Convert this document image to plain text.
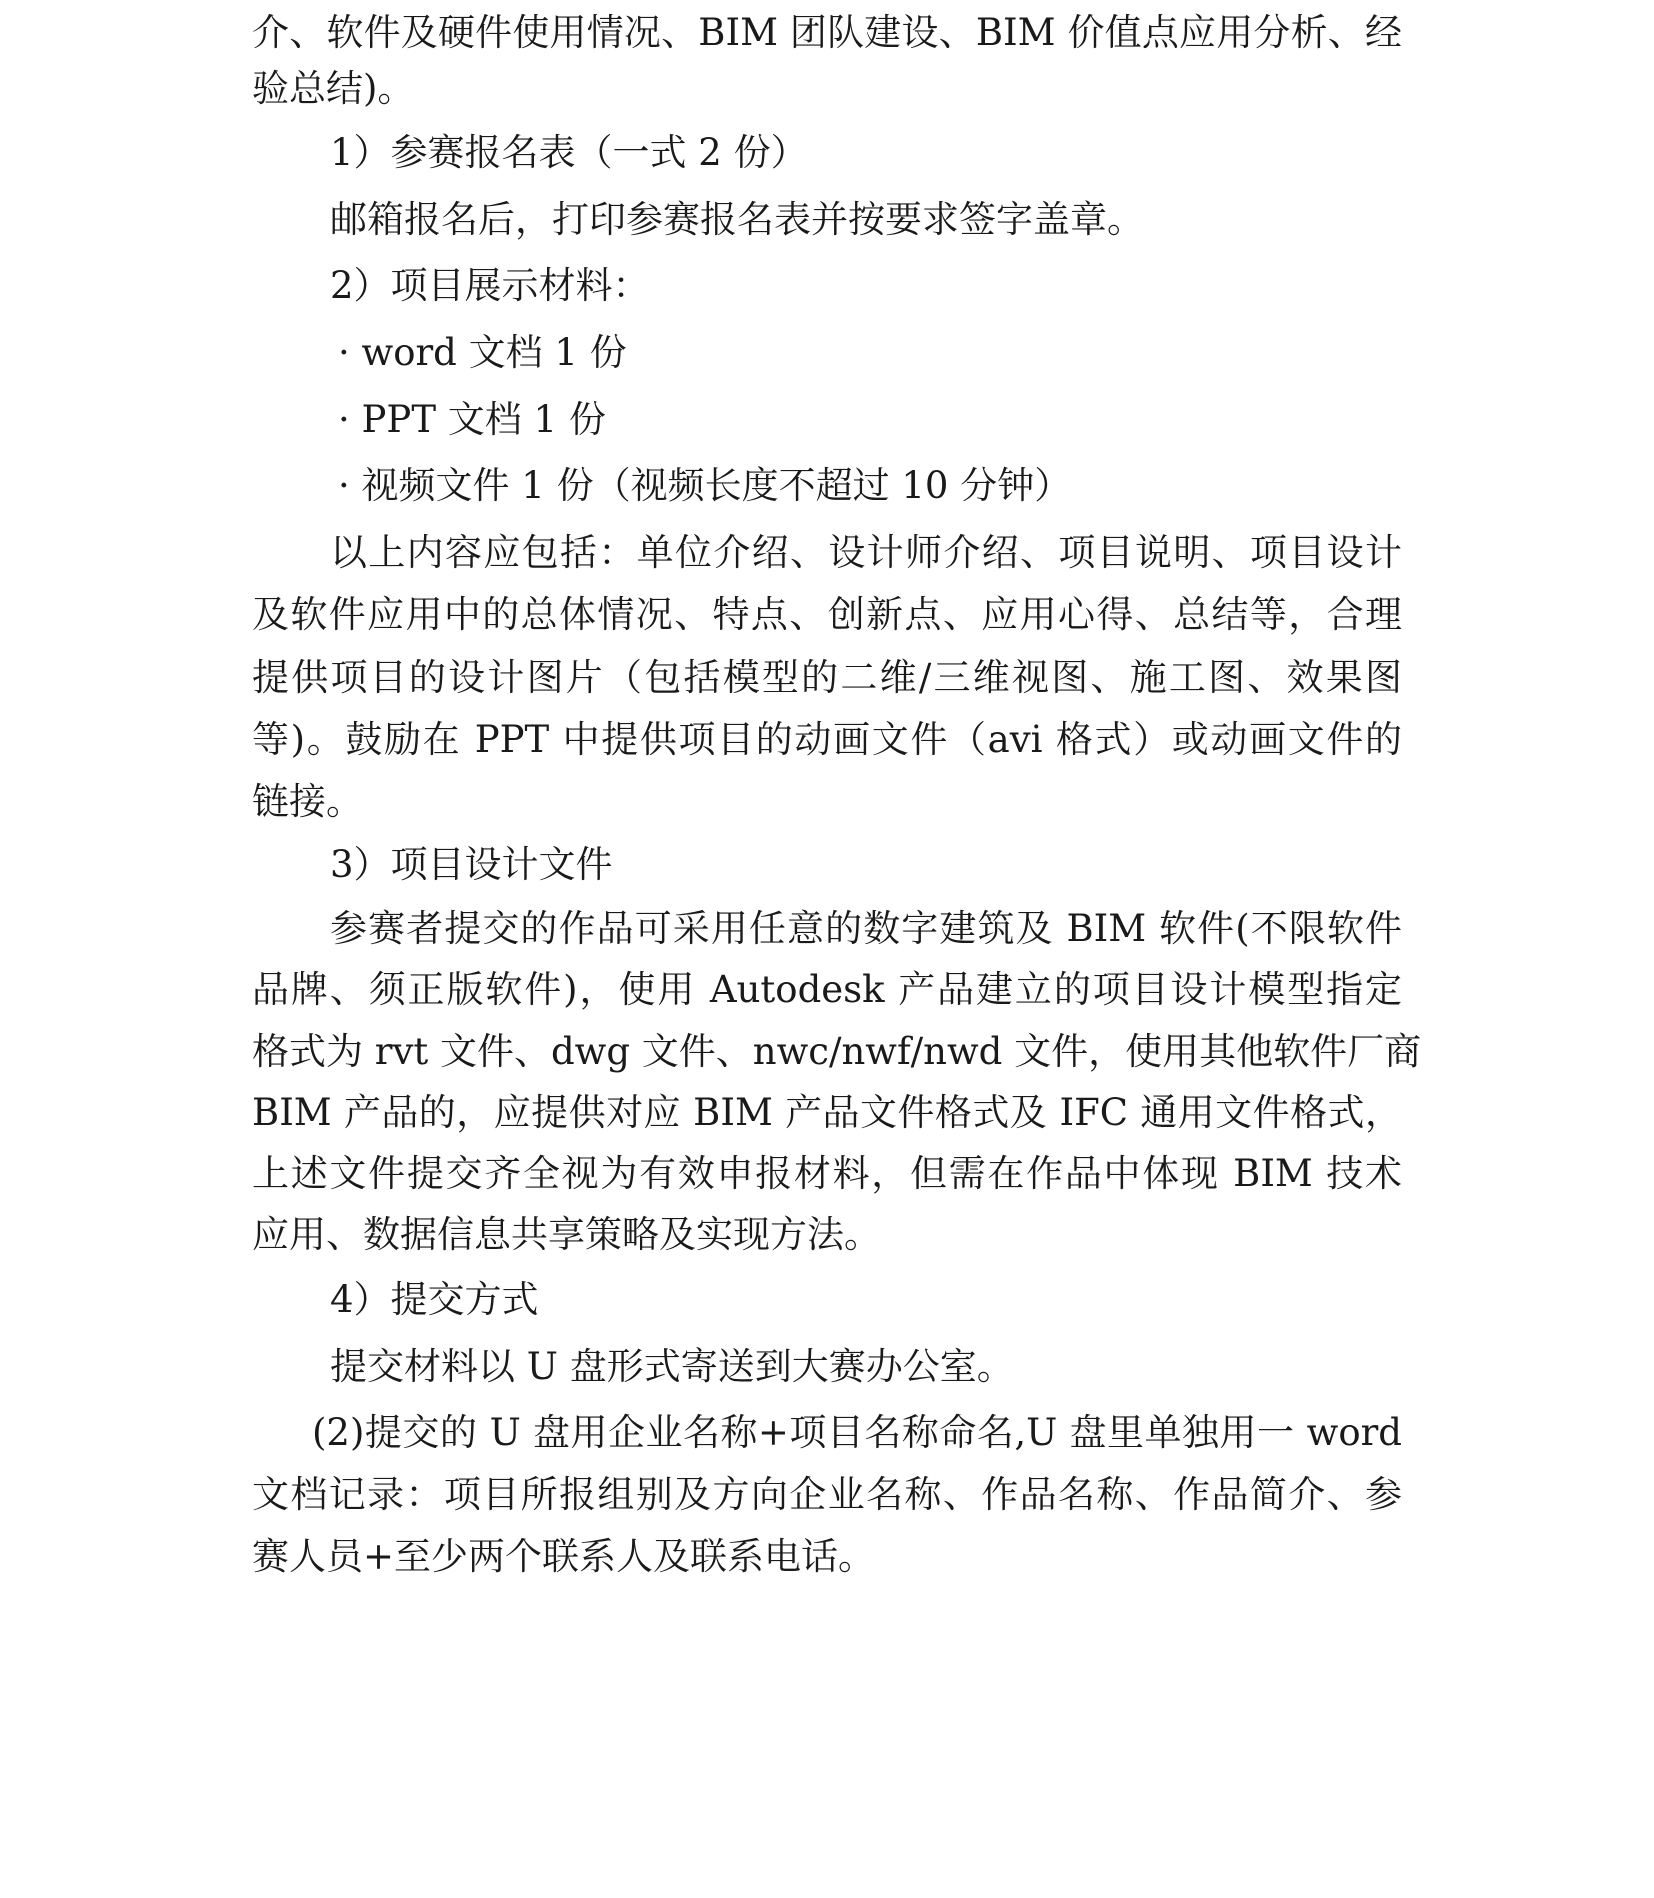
介、软件及硬件使用情况、BIM 团队建设、BIM 价值点应用分析、经

验总结)。

1）参赛报名表（一式 2 份）

邮箱报名后，打印参赛报名表并按要求签字盖章。

2）项目展示材料：

· word 文档 1 份

· PPT 文档 1 份

· 视频文件 1 份（视频长度不超过 10 分钟）

以上内容应包括：单位介绍、设计师介绍、项目说明、项目设计

及软件应用中的总体情况、特点、创新点、应用心得、总结等，合理

提供项目的设计图片（包括模型的二维/三维视图、施工图、效果图

等)。鼓励在 PPT 中提供项目的动画文件（avi 格式）或动画文件的

链接。

3）项目设计文件

参赛者提交的作品可采用任意的数字建筑及 BIM 软件(不限软件

品牌、须正版软件)，使用 Autodesk 产品建立的项目设计模型指定

格式为 rvt 文件、dwg 文件、nwc/nwf/nwd 文件，使用其他软件厂商

BIM 产品的，应提供对应 BIM 产品文件格式及 IFC 通用文件格式，

上述文件提交齐全视为有效申报材料，但需在作品中体现 BIM 技术

应用、数据信息共享策略及实现方法。

4）提交方式

提交材料以 U 盘形式寄送到大赛办公室。

(2)提交的 U 盘用企业名称+项目名称命名,U 盘里单独用一 word

文档记录：项目所报组别及方向企业名称、作品名称、作品简介、参

赛人员+至少两个联系人及联系电话。
